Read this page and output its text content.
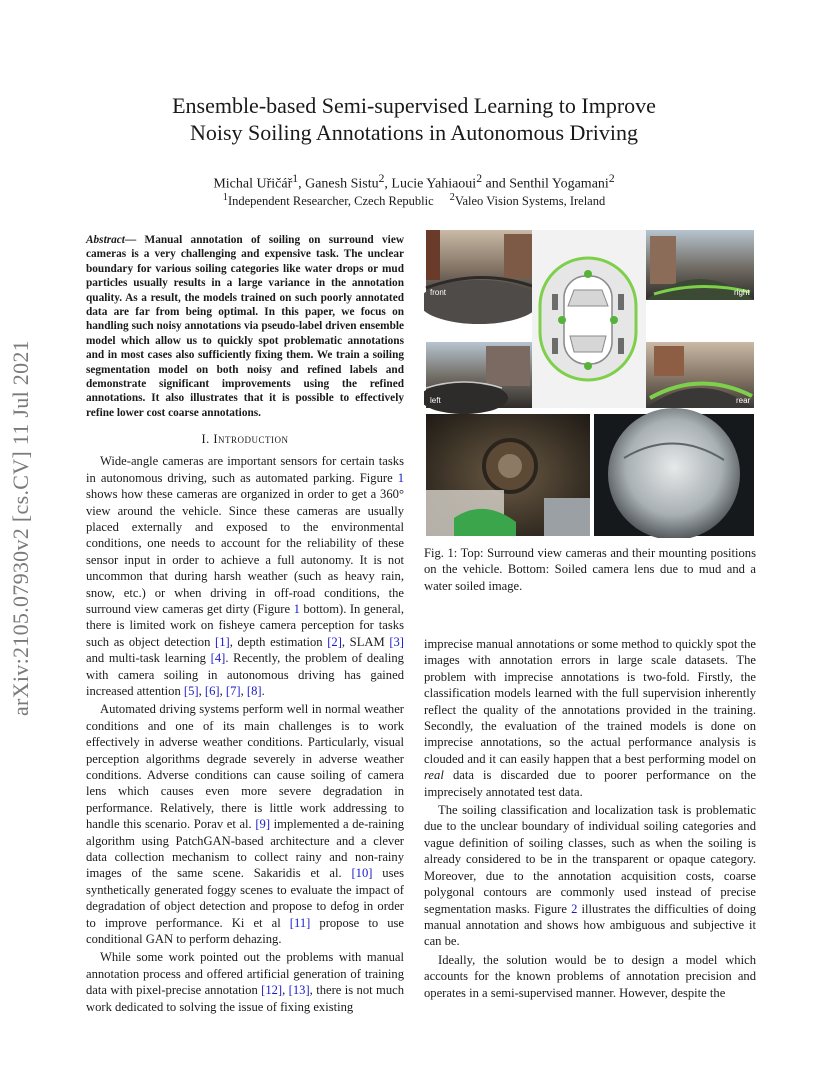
Ensemble-based Semi-supervised Learning to Improve
Noisy Soiling Annotations in Autonomous Driving
Michal Uřičář$^1$, Ganesh Sistu$^2$, Lucie Yahiaoui$^2$ and Senthil Yogamani$^2$
$^1$Independent Researcher, Czech Republic $^2$Valeo Vision Systems, Ireland
arXiv:2105.07930v2 [cs.CV] 11 Jul 2021

Abstract— Manual annotation of soiling on surround view cameras is a very challenging and expensive task. The unclear boundary for various soiling categories like water drops or mud particles usually results in a large variance in the annotation quality. As a result, the models trained on such poorly annotated data are far from being optimal. In this paper, we focus on handling such noisy annotations via pseudo-label driven ensemble model which allow us to quickly spot problematic annotations and in most cases also sufficiently fixing them. We train a soiling segmentation model on both noisy and refined labels and demonstrate significant improvements using the refined annotations. It also illustrates that it is possible to effectively refine lower cost coarse annotations.

I. Introduction

Wide-angle cameras are important sensors for certain tasks in autonomous driving, such as automated parking. Figure 1 shows how these cameras are organized in order to get a 360° view around the vehicle. Since these cameras are usually placed externally and exposed to the environmental conditions, one needs to account for the reliability of these sensor input in order to achieve a full autonomy. It is not uncommon that during harsh weather (such as heavy rain, snow, etc.) or when driving in off-road conditions, the surround view cameras get dirty (Figure 1 bottom). In general, there is limited work on fisheye camera perception for tasks such as object detection [1], depth estimation [2], SLAM [3] and multi-task learning [4]. Recently, the problem of dealing with camera soiling in autonomous driving has gained increased attention [5], [6], [7], [8].

Automated driving systems perform well in normal weather conditions and one of its main challenges is to work effectively in adverse weather conditions. Particularly, visual perception algorithms degrade severely in adverse weather conditions. Adverse conditions can cause soiling of camera lens which causes even more severe degradation in performance. Relatively, there is little work addressing to handle this scenario. Porav et al. [9] implemented a de-raining algorithm using PatchGAN-based architecture and a clever data collection mechanism to collect rainy and non-rainy images of the same scene. Sakaridis et al. [10] uses synthetically generated foggy scenes to evaluate the impact of degradation of object detection and propose to defog in order to improve performance. Ki et al [11] propose to use conditional GAN to perform dehazing.

While some work pointed out the problems with manual annotation process and offered artificial generation of training data with pixel-precise annotation [12], [13], there is not much work dedicated to solving the issue of fixing existing

front	right
left	rear
Fig. 1: Top: Surround view cameras and their mounting positions on the vehicle. Bottom: Soiled camera lens due to mud and a water soiled image.

imprecise manual annotations or some method to quickly spot the images with annotation errors in large scale datasets. The problem with imprecise annotations is two-fold. Firstly, the classification models learned with the full supervision inherently reflect the quality of the annotations provided in the training. Secondly, the evaluation of the trained models is done on imprecise annotations, so the actual performance analysis is clouded and it can easily happen that a best performing model on real data is discarded due to poorer performance on the imprecisely annotated test data.

The soiling classification and localization task is problematic due to the unclear boundary of individual soiling categories and vague definition of soiling classes, such as when the soiling is already considered to be in the transparent or opaque category. Moreover, due to the annotation acquisition costs, coarse polygonal contours are commonly used instead of precise segmentation masks. Figure 2 illustrates the difficulties of doing manual annotation and shows how ambiguous and subjective it can be.

Ideally, the solution would be to design a model which accounts for the known problems of annotation precision and operates in a semi-supervised manner. However, despite the
